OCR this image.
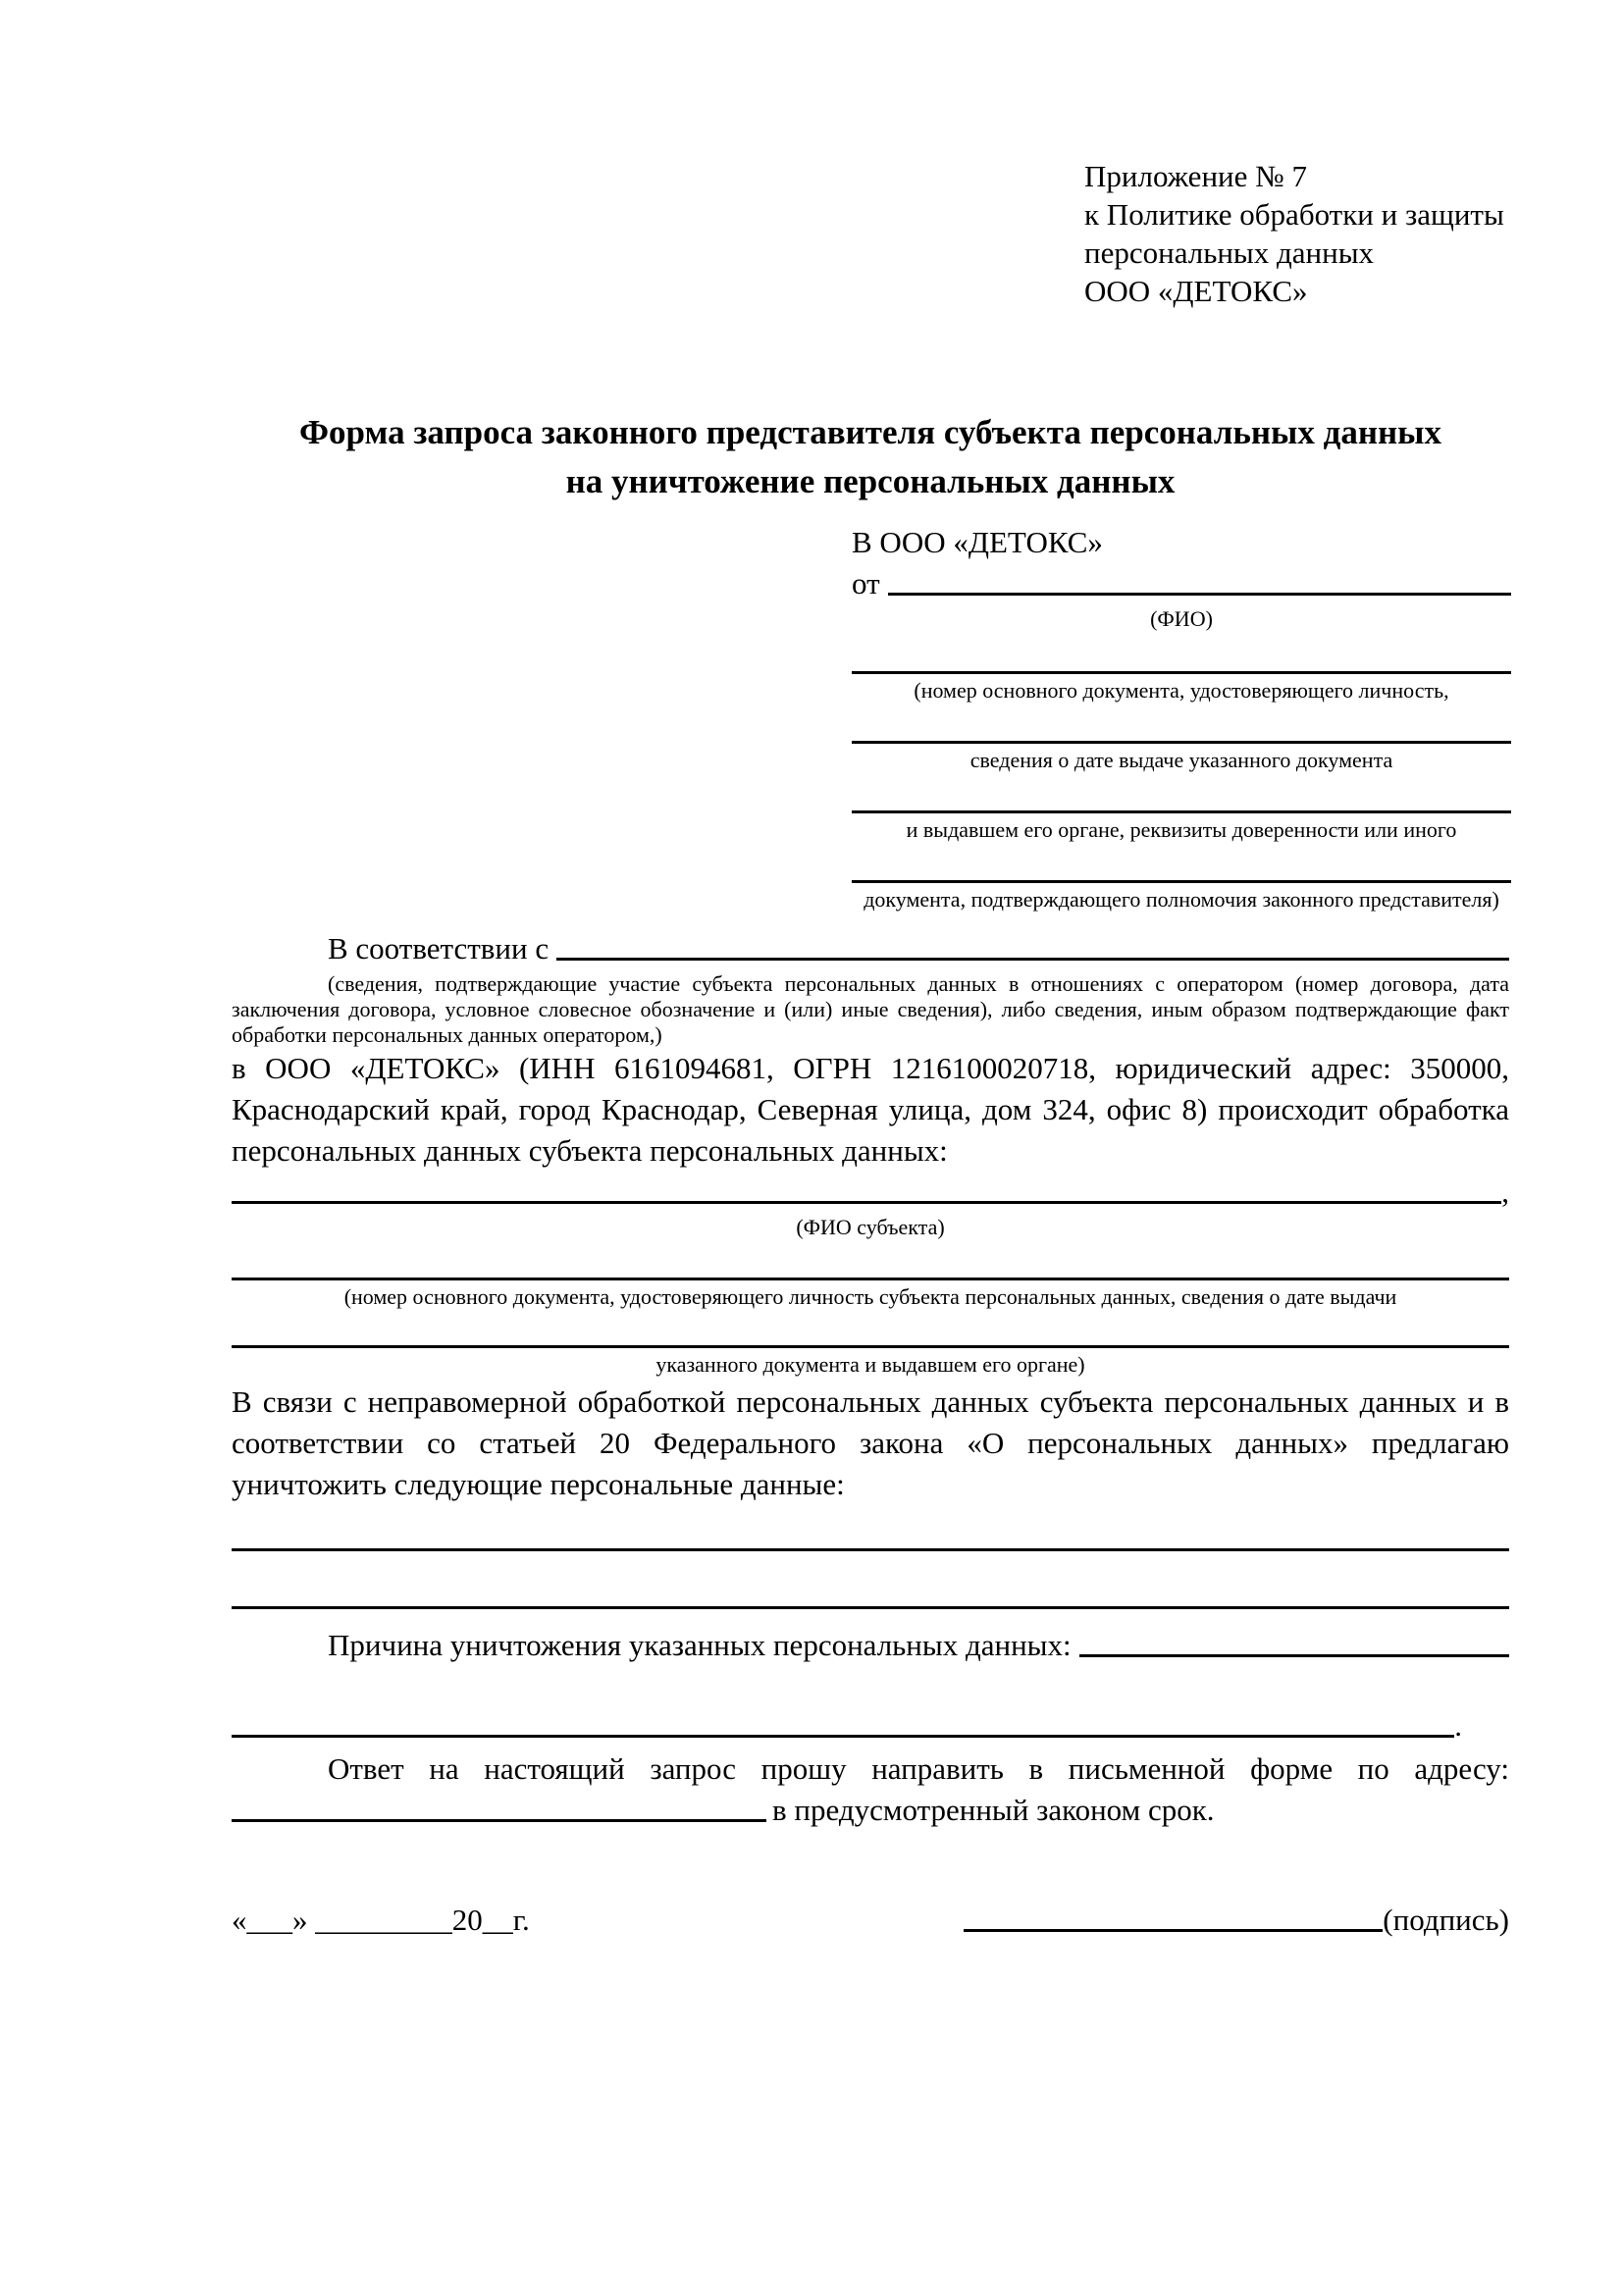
Приложение № 7
к Политике обработки и защиты
персональных данных
ООО «ДЕТОКС»
Форма запроса законного представителя субъекта персональных данных
на уничтожение персональных данных
В ООО «ДЕТОКС»
от
(ФИО)
(номер основного документа, удостоверяющего личность,
сведения о дате выдаче указанного документа
и выдавшем его органе, реквизиты доверенности или иного
документа, подтверждающего полномочия законного представителя)
В соответствии с
(сведения, подтверждающие участие субъекта персональных данных в отношениях с оператором (номер договора, дата заключения договора, условное словесное обозначение и (или) иные сведения), либо сведения, иным образом подтверждающие факт обработки персональных данных оператором,)
в ООО «ДЕТОКС» (ИНН 6161094681, ОГРН 1216100020718, юридический адрес: 350000, Краснодарский край, город Краснодар, Северная улица, дом 324, офис 8) происходит обработка персональных данных субъекта персональных данных:
,
(ФИО субъекта)
(номер основного документа, удостоверяющего личность субъекта персональных данных, сведения о дате выдачи
указанного документа и выдавшем его органе)
В связи с неправомерной обработкой персональных данных субъекта персональных данных и в соответствии со статьей 20 Федерального закона «О персональных данных» предлагаю уничтожить следующие персональные данные:
Причина уничтожения указанных персональных данных:
.
Ответ на настоящий запрос прошу направить в письменной форме по адресу:
в предусмотренный законом срок.
«___» _________20__г.	(подпись)
